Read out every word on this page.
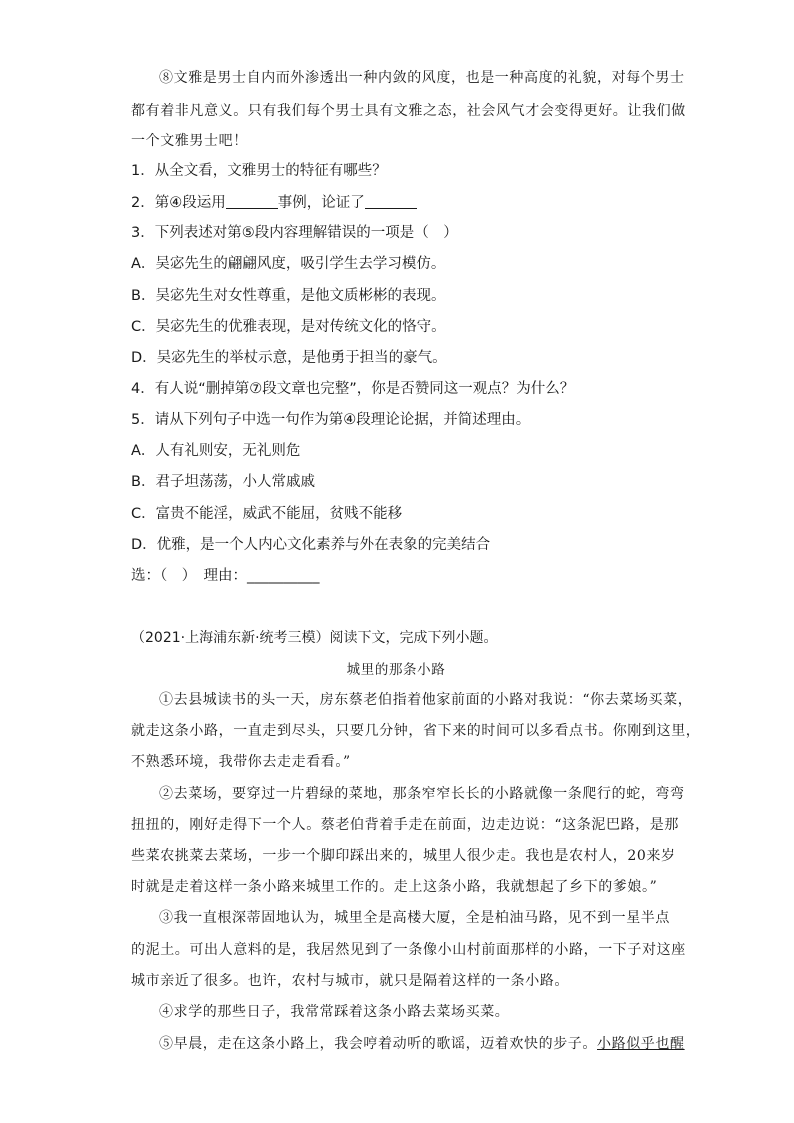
⑧文雅是男士自内而外渗透出一种内敛的风度，也是一种高度的礼貌，对每个男士
都有着非凡意义。只有我们每个男士具有文雅之态，社会风气才会变得更好。让我们做
一个文雅男士吧！
1．从全文看，文雅男士的特征有哪些？
2．第④段运用	事例，论证了
3．下列表述对第⑤段内容理解错误的一项是（　）
A．吴宓先生的翩翩风度，吸引学生去学习模仿。
B．吴宓先生对女性尊重，是他文质彬彬的表现。
C．吴宓先生的优雅表现，是对传统文化的恪守。
D．吴宓先生的举杖示意，是他勇于担当的豪气。
4．有人说“删掉第⑦段文章也完整”，你是否赞同这一观点？为什么？
5．请从下列句子中选一句作为第④段理论论据，并简述理由。
A．人有礼则安，无礼则危
B．君子坦荡荡，小人常戚戚
C．富贵不能淫，威武不能屈，贫贱不能移
D．优雅，是一个人内心文化素养与外在表象的完美结合
选：（　）　理由：__________
（2021·上海浦东新·统考三模）阅读下文，完成下列小题。
城里的那条小路
①去县城读书的头一天，房东蔡老伯指着他家前面的小路对我说：“你去菜场买菜，
就走这条小路，一直走到尽头，只要几分钟，省下来的时间可以多看点书。你刚到这里，
不熟悉环境，我带你去走走看看。”
②去菜场，要穿过一片碧绿的菜地，那条窄窄长长的小路就像一条爬行的蛇，弯弯
扭扭的，刚好走得下一个人。蔡老伯背着手走在前面，边走边说：“这条泥巴路，是那
些菜农挑菜去菜场，一步一个脚印踩出来的，城里人很少走。我也是农村人，20来岁
时就是走着这样一条小路来城里工作的。走上这条小路，我就想起了乡下的爹娘。”
③我一直根深蒂固地认为，城里全是高楼大厦，全是柏油马路，见不到一星半点
的泥土。可出人意料的是，我居然见到了一条像小山村前面那样的小路，一下子对这座
城市亲近了很多。也许，农村与城市，就只是隔着这样的一条小路。
④求学的那些日子，我常常踩着这条小路去菜场买菜。
⑤早晨，走在这条小路上，我会哼着动听的歌谣，迈着欢快的步子。小路似乎也醒
